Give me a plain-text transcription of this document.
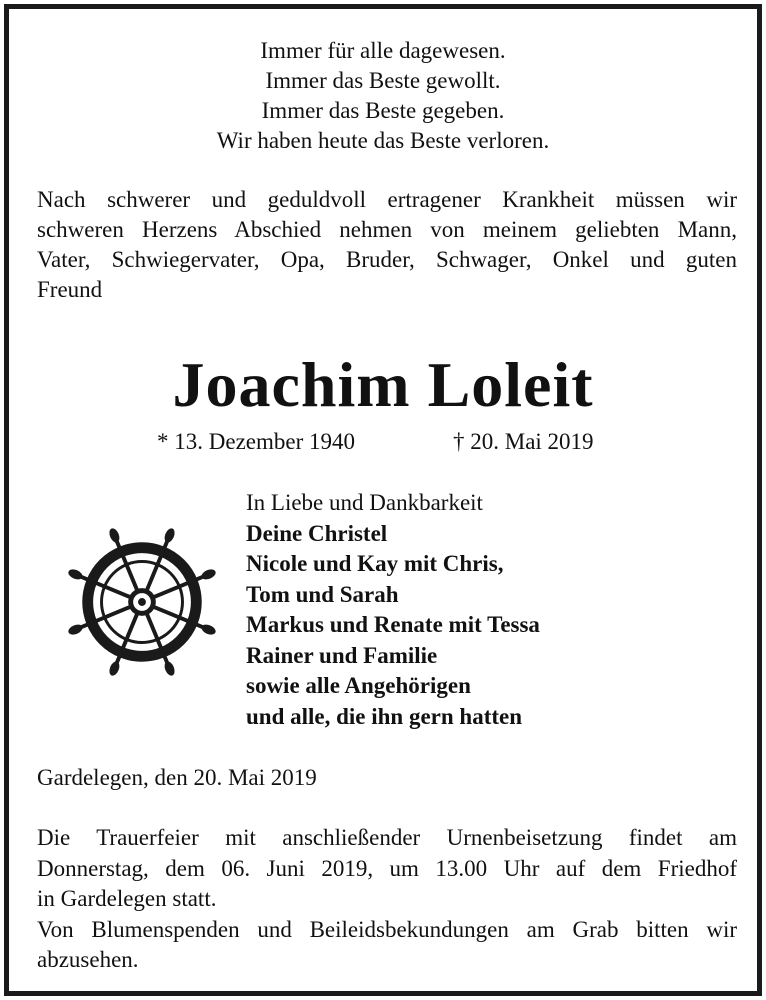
Immer für alle dagewesen.
Immer das Beste gewollt.
Immer das Beste gegeben.
Wir haben heute das Beste verloren.
Nach schwerer und geduldvoll ertragener Krankheit müssen wir
schweren Herzens Abschied nehmen von meinem geliebten Mann,
Vater, Schwiegervater, Opa, Bruder, Schwager, Onkel und guten
Freund
Joachim Loleit
* 13. Dezember 1940	† 20. Mai 2019
In Liebe und Dankbarkeit
Deine Christel
Nicole und Kay mit Chris,
Tom und Sarah
Markus und Renate mit Tessa
Rainer und Familie
sowie alle Angehörigen
und alle, die ihn gern hatten
Gardelegen, den 20. Mai 2019
Die Trauerfeier mit anschließender Urnenbeisetzung findet am
Donnerstag, dem 06. Juni 2019, um 13.00 Uhr auf dem Friedhof
in Gardelegen statt.
Von Blumenspenden und Beileidsbekundungen am Grab bitten wir
abzusehen.
